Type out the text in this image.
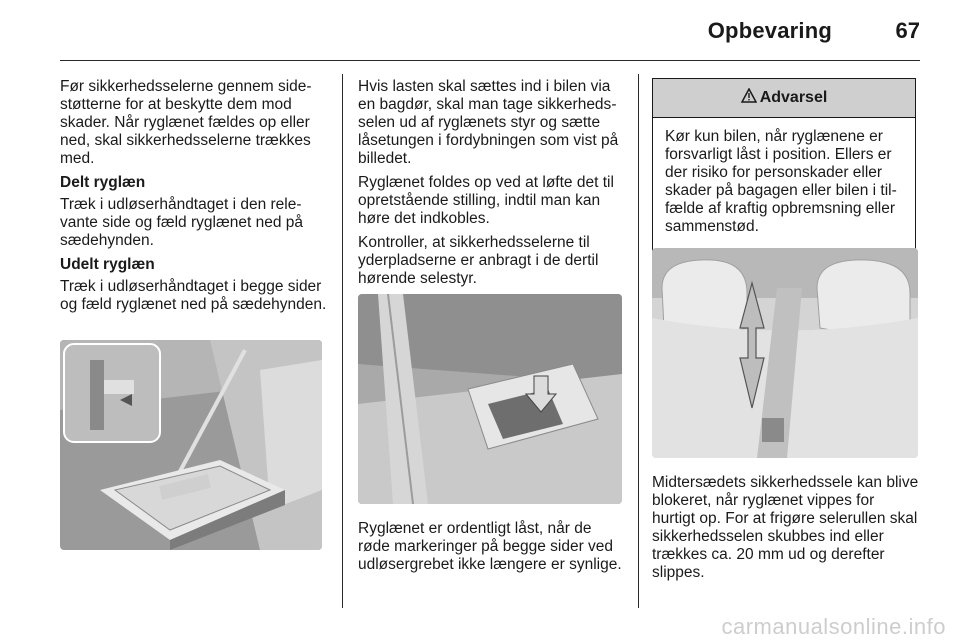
Opbevaring	67

Før sikkerhedsselerne gennem sidestøtterne for at beskytte dem mod skader. Når ryglænet fældes op eller ned, skal sikkerhedsselerne trækkes med.

Delt ryglæn

Træk i udløserhåndtaget i den relevante side og fæld ryglænet ned på sædehynden.

Udelt ryglæn

Træk i udløserhåndtaget i begge sider og fæld ryglænet ned på sædehynden.

Hvis lasten skal sættes ind i bilen via en bagdør, skal man tage sikkerhedsselen ud af ryglænets styr og sætte låsetungen i fordybningen som vist på billedet.

Ryglænet foldes op ved at løfte det til opretstående stilling, indtil man kan høre det indkobles.

Kontroller, at sikkerhedsselerne til yderpladserne er anbragt i de dertil hørende selestyr.

Ryglænet er ordentligt låst, når de røde markeringer på begge sider ved udløsergrebet ikke længere er synlige.
Advarsel
Kør kun bilen, når ryglænene er forsvarligt låst i position. Ellers er der risiko for personskader eller skader på bagagen eller bilen i tilfælde af kraftig opbremsning eller sammenstød.
Midtersædets sikkerhedssele kan blive blokeret, når ryglænet vippes for hurtigt op. For at frigøre selerullen skal sikkerhedsselen skubbes ind eller trækkes ca. 20 mm ud og derefter slippes.
carmanualsonline.info
